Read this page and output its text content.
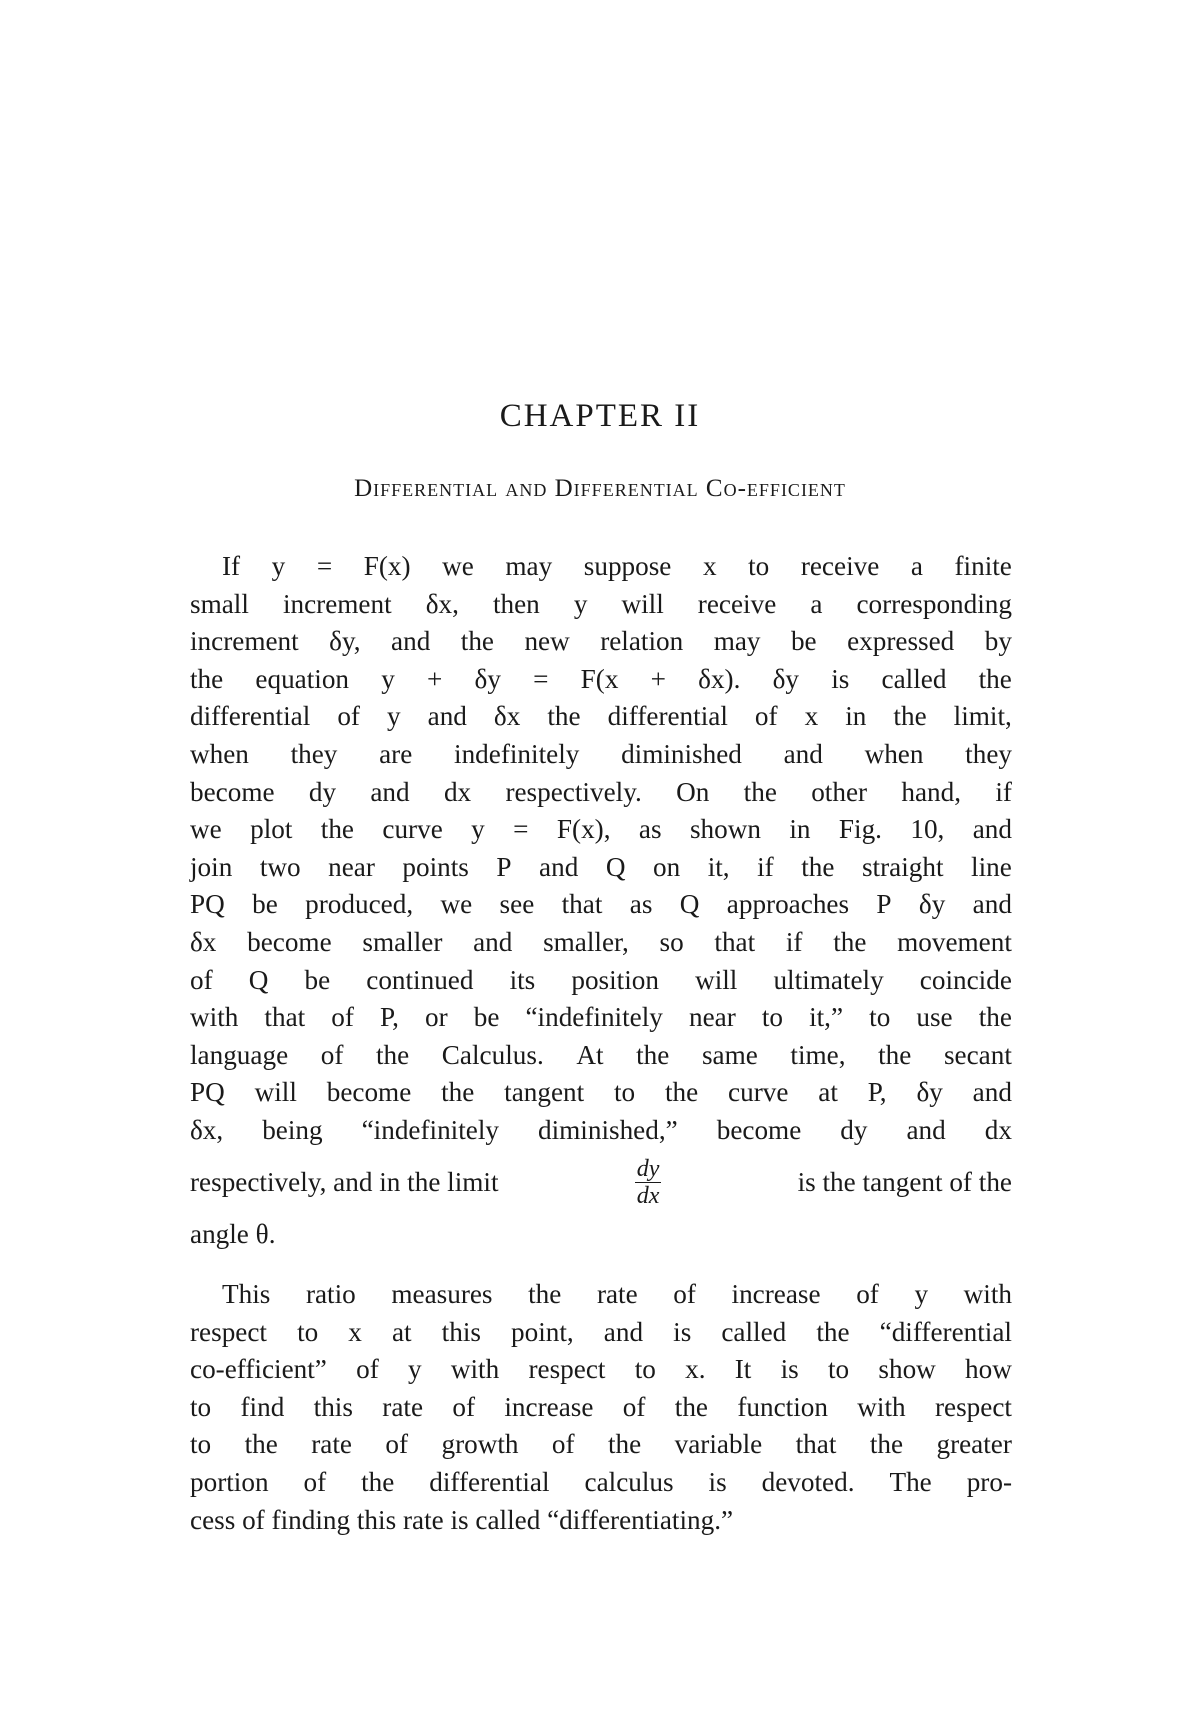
CHAPTER II
Differential and Differential Co-efficient
If y = F(x) we may suppose x to receive a finite
small increment δx, then y will receive a corresponding
increment δy, and the new relation may be expressed by
the equation y + δy = F(x + δx). δy is called the
differential of y and δx the differential of x in the limit,
when they are indefinitely diminished and when they
become dy and dx respectively. On the other hand, if
we plot the curve y = F(x), as shown in Fig. 10, and
join two near points P and Q on it, if the straight line
PQ be produced, we see that as Q approaches P δy and
δx become smaller and smaller, so that if the movement
of Q be continued its position will ultimately coincide
with that of P, or be “indefinitely near to it,” to use the
language of the Calculus. At the same time, the secant
PQ will become the tangent to the curve at P, δy and
δx, being “indefinitely diminished,” become dy and dx
respectively, and in the limit	$\frac{dy}{dx}$	is the tangent of the
angle θ.
This ratio measures the rate of increase of y with
respect to x at this point, and is called the “differential
co-efficient” of y with respect to x. It is to show how
to find this rate of increase of the function with respect
to the rate of growth of the variable that the greater
portion of the differential calculus is devoted. The pro-
cess of finding this rate is called “differentiating.”
